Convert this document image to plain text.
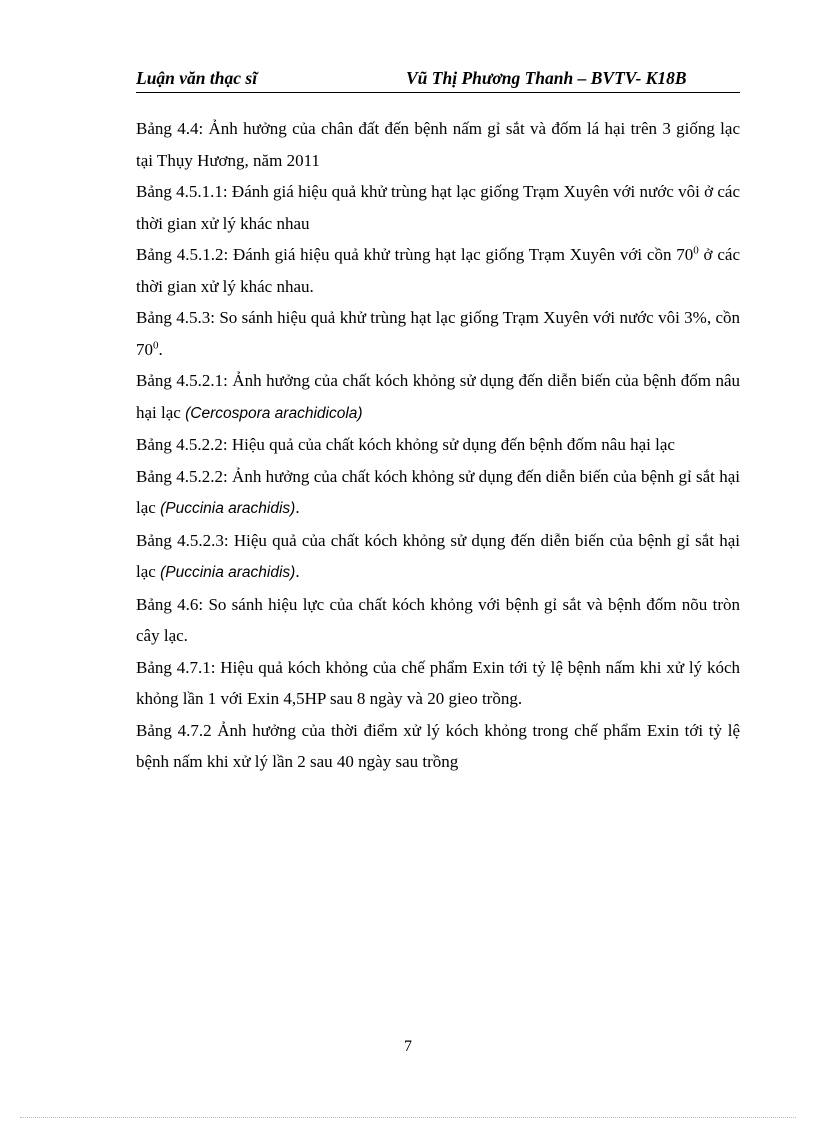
Luận văn thạc sĩ	Vũ Thị Phương Thanh – BVTV- K18B

Bảng 4.4: Ảnh hưởng của chân đất đến bệnh nấm gỉ sắt và đốm lá hại trên 3 giống lạc tại Thụy Hương, năm 2011

Bảng 4.5.1.1: Đánh giá hiệu quả khử trùng hạt lạc giống Trạm Xuyên với nước vôi ở các thời gian xử lý khác nhau

Bảng 4.5.1.2: Đánh giá hiệu quả khử trùng hạt lạc giống Trạm Xuyên với cồn $70^0$ ở các thời gian xử lý khác nhau.

Bảng 4.5.3: So sánh hiệu quả khử trùng hạt lạc giống Trạm Xuyên với nước vôi 3%, cồn $70^0$.

Bảng 4.5.2.1: Ảnh hưởng của chất kóch khỏng sử dụng đến diễn biến của bệnh đốm nâu hại lạc (Cercospora arachidicola)

Bảng 4.5.2.2: Hiệu quả của chất kóch khỏng sử dụng đến bệnh đốm nâu hại lạc

Bảng 4.5.2.2: Ảnh hưởng của chất kóch khỏng sử dụng đến diễn biến của bệnh gỉ sắt hại lạc (Puccinia arachidis).

Bảng 4.5.2.3: Hiệu quả của chất kóch khỏng sử dụng đến diễn biến của bệnh gỉ sắt hại lạc (Puccinia arachidis).

Bảng 4.6: So sánh hiệu lực của chất kóch khỏng với bệnh gỉ sắt và bệnh đốm nõu tròn cây lạc.

Bảng 4.7.1: Hiệu quả kóch khỏng của chế phẩm Exin tới tỷ lệ bệnh nấm khi xử lý kóch khỏng lần 1 với Exin 4,5HP sau 8 ngày và 20 gieo trồng.

Bảng 4.7.2 Ảnh hưởng của thời điểm xử lý kóch khỏng trong chế phẩm Exin tới tỷ lệ bệnh nấm khi xử lý lần 2 sau 40 ngày sau trồng

7
